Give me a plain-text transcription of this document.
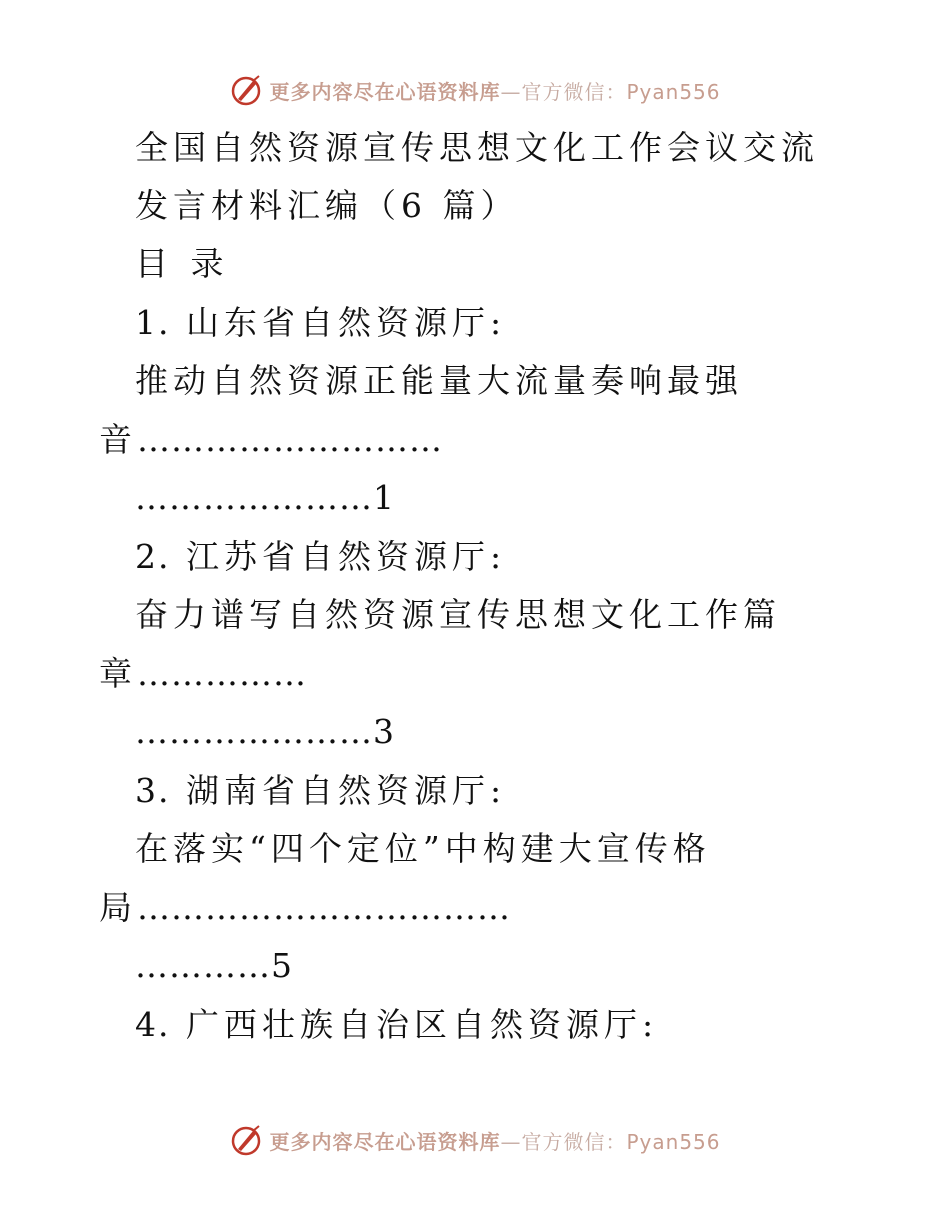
更多内容尽在心语资料库—官方微信：Pyan556
全国自然资源宣传思想文化工作会议交流
发言材料汇编（6 篇）
目 录
1. 山东省自然资源厅:
推动自然资源正能量大流量奏响最强
音………………………
…………………1
2. 江苏省自然资源厅:
奋力谱写自然资源宣传思想文化工作篇
章……………
…………………3
3. 湖南省自然资源厅:
在落实“四个定位”中构建大宣传格
局……………………………
…………5
4. 广西壮族自治区自然资源厅:
更多内容尽在心语资料库—官方微信：Pyan556
